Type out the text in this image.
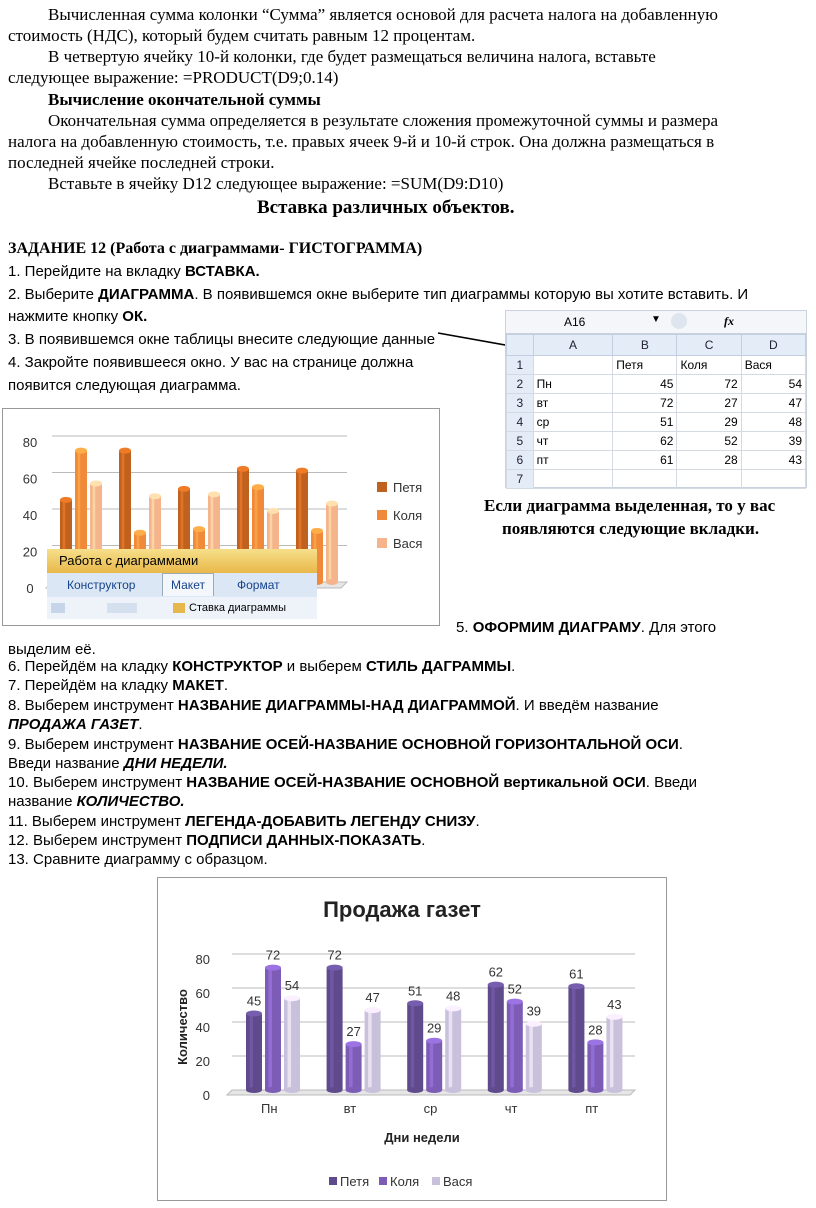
Вычисленная сумма колонки “Сумма” является основой для расчета налога на добавленную

стоимость (НДС), который будем считать равным 12 процентам.

В четвертую ячейку 10-й колонки, где будет размещаться величина налога, вставьте

следующее выражение: =PRODUCT(D9;0.14)

Вычисление окончательной суммы

Окончательная сумма определяется в результате сложения промежуточной суммы и размера

налога на добавленную стоимость, т.е. правых ячеек 9-й и 10-й строк. Она должна размещаться в

последней ячейке последней строки.

Вставьте в ячейку D12 следующее выражение: =SUM(D9:D10)
Вставка различных объектов.
ЗАДАНИЕ 12 (Работа с диаграммами- ГИСТОГРАММА)
1. Перейдите на вкладку ВСТАВКА.
2. Выберите ДИАГРАММА. В появившемся окне выберите тип диаграммы которую вы хотите вставить. И
нажмите кнопку ОК.
3. В появившемся окне таблицы внесите следующие данные
4. Закройте появившееся окно. У вас на странице должна
появится следующая диаграмма.
A16	▼	fx
	A	B	C	D
1		Петя	Коля	Вася
2	Пн	45	72	54
3	вт	72	27	47
4	ср	51	29	48
5	чт	62	52	39
6	пт	61	28	43
7				
Если диаграмма выделенная, то у вас
появляются следующие вкладки.
0
20
40
60
80
Петя
Коля
Вася
Работа с диаграммами
Конструктор	Макет	Формат
Ставка диаграммы
5. ОФОРМИМ ДИАГРАМУ. Для этого
выделим её.
6. Перейдём на кладку КОНСТРУКТОР и выберем СТИЛЬ ДАГРАММЫ.
7. Перейдём на кладку МАКЕТ.
8. Выберем инструмент НАЗВАНИЕ ДИАГРАММЫ-НАД ДИАГРАММОЙ. И введём название
ПРОДАЖА ГАЗЕТ.
9. Выберем инструмент НАЗВАНИЕ ОСЕЙ-НАЗВАНИЕ ОСНОВНОЙ ГОРИЗОНТАЛЬНОЙ ОСИ.
Введи название ДНИ НЕДЕЛИ.
10. Выберем инструмент НАЗВАНИЕ ОСЕЙ-НАЗВАНИЕ ОСНОВНОЙ вертикальной ОСИ. Введи
название КОЛИЧЕСТВО.
11. Выберем инструмент ЛЕГЕНДА-ДОБАВИТЬ ЛЕГЕНДУ СНИЗУ.
12. Выберем инструмент ПОДПИСИ ДАННЫХ-ПОКАЗАТЬ.
13. Сравните диаграмму с образцом.
Продажа газет
0
20
40
60
80
45
72
54
Пн
72
27
47
вт
51
29
48
ср
62
52
39
чт
61
28
43
пт
Дни недели
Количество
Петя Коля Вася
